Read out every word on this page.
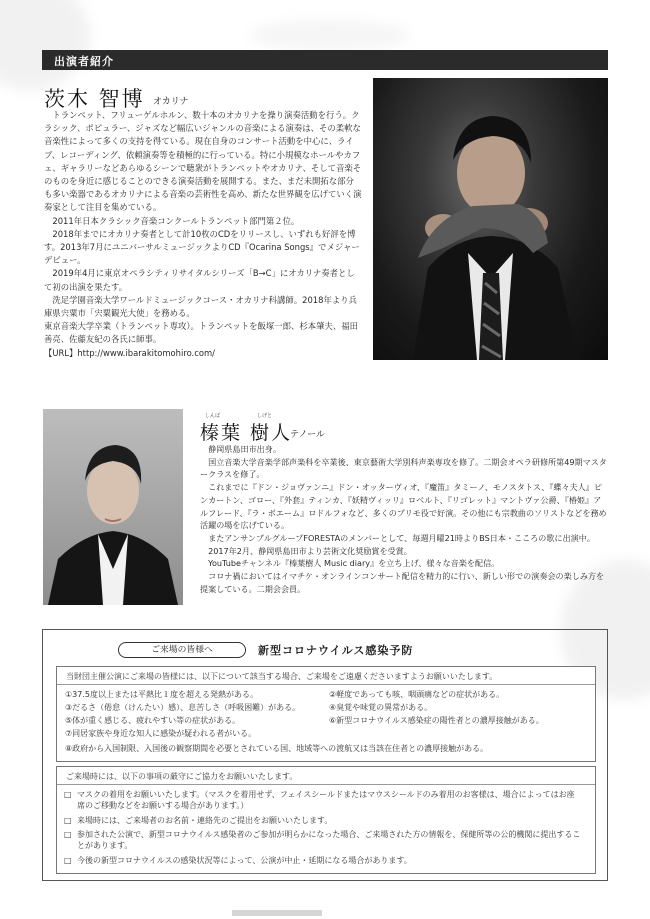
出演者紹介
茨木 智博 オカリナ

トランペット、フリューゲルホルン、数十本のオカリナを操り演奏活動を行う。クラシック、ポピュラー、ジャズなど幅広いジャンルの音楽による演奏は、その柔軟な音楽性によって多くの支持を得ている。現在自身のコンサート活動を中心に、ライブ、レコーディング、依頼演奏等を積極的に行っている。特に小規模なホールやカフェ、ギャラリーなどあらゆるシーンで聴衆がトランペットやオカリナ、そして音楽そのものを身近に感じることのできる演奏活動を展開する。また、まだ未開拓な部分も多い楽器であるオカリナによる音楽の芸術性を高め、新たな世界観を広げていく演奏家として注目を集めている。

2011年日本クラシック音楽コンクールトランペット部門第２位。

2018年までにオカリナ奏者として計10枚のCDをリリースし、いずれも好評を博す。2013年7月にユニバーサルミュージックよりCD『Ocarina Songs』でメジャーデビュー。

2019年4月に東京オペラシティリサイタルシリーズ「B→C」にオカリナ奏者として初の出演を果たす。

洗足学園音楽大学ワールドミュージックコース・オカリナ科講師。2018年より兵庫県宍粟市「宍粟観光大使」を務める。

東京音楽大学卒業（トランペット専攻）。トランペットを飯塚一郎、杉本肇夫、福田善亮、佐藤友紀の各氏に師事。

【URL】http://www.ibarakitomohiro.com/

榛葉 樹人
しんば	しげと
テノール

静岡県島田市出身。

国立音楽大学音楽学部声楽科を卒業後、東京藝術大学別科声楽専攻を修了。二期会オペラ研修所第49期マスタークラスを修了。

これまでに『ドン・ジョヴァンニ』ドン・オッターヴィオ、『魔笛』タミーノ、モノスタトス、『蝶々夫人』ピンカートン、ゴロー、『外套』ティンカ、『妖精ヴィッリ』ロベルト、『リゴレット』マントヴァ公爵、『椿姫』アルフレード、『ラ・ボエーム』ロドルフォなど、多くのプリモ役で好演。その他にも宗教曲のソリストなどを務め活躍の場を広げている。

またアンサンブルグループFORESTAのメンバーとして、毎週月曜21時よりBS日本・こころの歌に出演中。

2017年2月、静岡県島田市より芸術文化奨励賞を受賞。

YouTubeチャンネル『榛葉樹人 Music diary』を立ち上げ、様々な音楽を配信。

コロナ禍においてはイマチケ・オンラインコンサート配信を精力的に行い、新しい形での演奏会の楽しみ方を提案している。二期会会員。

ご来場の皆様へ	新型コロナウイルス感染予防
当財団主催公演にご来場の皆様には、以下について該当する場合、ご来場をご遠慮くださいますようお願いいたします。
①37.5度以上または平熱比１度を超える発熱がある。	②軽度であっても咳、咽頭痛などの症状がある。
③だるさ（倦怠（けんたい）感）、息苦しさ（呼吸困難）がある。	④臭覚や味覚の異常がある。
⑤体が重く感じる、疲れやすい等の症状がある。	⑥新型コロナウイルス感染症の陽性者との濃厚接触がある。
⑦同居家族や身近な知人に感染が疑われる者がいる。
⑧政府から入国制限、入国後の観察期間を必要とされている国、地域等への渡航又は当該在住者との濃厚接触がある。
ご来場時には、以下の事項の厳守にご協力をお願いいたします。
□ マスクの着用をお願いいたします。（マスクを着用せず、フェイスシールドまたはマウスシールドのみ着用のお客様は、場合によってはお座席のご移動などをお願いする場合があります。）
□ 来場時には、ご来場者のお名前・連絡先のご提出をお願いいたします。
□ 参加された公演で、新型コロナウイルス感染者のご参加が明らかになった場合、ご来場された方の情報を、保健所等の公的機関に提出することがあります。
□ 今後の新型コロナウイルスの感染状況等によって、公演が中止・延期になる場合があります。
